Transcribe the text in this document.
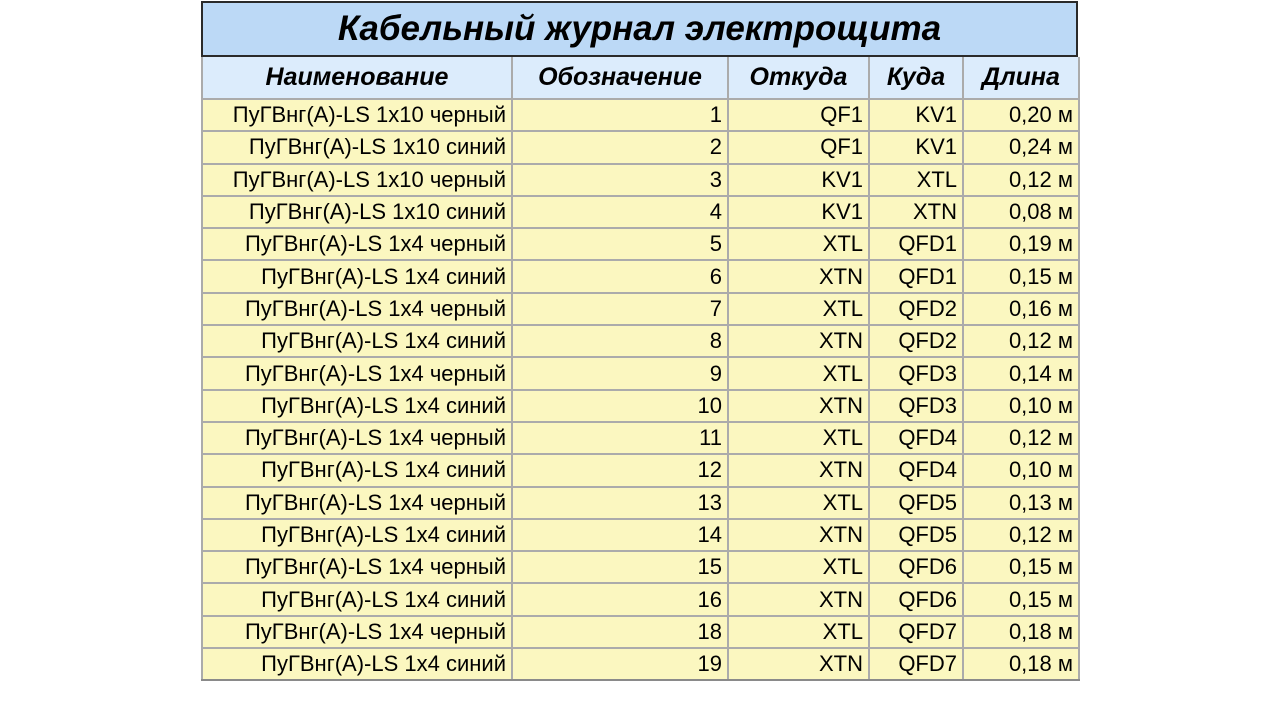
Кабельный журнал электрощита
Наименование	Обозначение	Откуда	Куда	Длина
ПуГВнг(А)-LS 1х10 черный	1	QF1	KV1	0,20 м
ПуГВнг(А)-LS 1х10 синий	2	QF1	KV1	0,24 м
ПуГВнг(А)-LS 1х10 черный	3	KV1	XTL	0,12 м
ПуГВнг(А)-LS 1х10 синий	4	KV1	XTN	0,08 м
ПуГВнг(А)-LS 1х4 черный	5	XTL	QFD1	0,19 м
ПуГВнг(А)-LS 1х4 синий	6	XTN	QFD1	0,15 м
ПуГВнг(А)-LS 1х4 черный	7	XTL	QFD2	0,16 м
ПуГВнг(А)-LS 1х4 синий	8	XTN	QFD2	0,12 м
ПуГВнг(А)-LS 1х4 черный	9	XTL	QFD3	0,14 м
ПуГВнг(А)-LS 1х4 синий	10	XTN	QFD3	0,10 м
ПуГВнг(А)-LS 1х4 черный	11	XTL	QFD4	0,12 м
ПуГВнг(А)-LS 1х4 синий	12	XTN	QFD4	0,10 м
ПуГВнг(А)-LS 1х4 черный	13	XTL	QFD5	0,13 м
ПуГВнг(А)-LS 1х4 синий	14	XTN	QFD5	0,12 м
ПуГВнг(А)-LS 1х4 черный	15	XTL	QFD6	0,15 м
ПуГВнг(А)-LS 1х4 синий	16	XTN	QFD6	0,15 м
ПуГВнг(А)-LS 1х4 черный	18	XTL	QFD7	0,18 м
ПуГВнг(А)-LS 1х4 синий	19	XTN	QFD7	0,18 м
